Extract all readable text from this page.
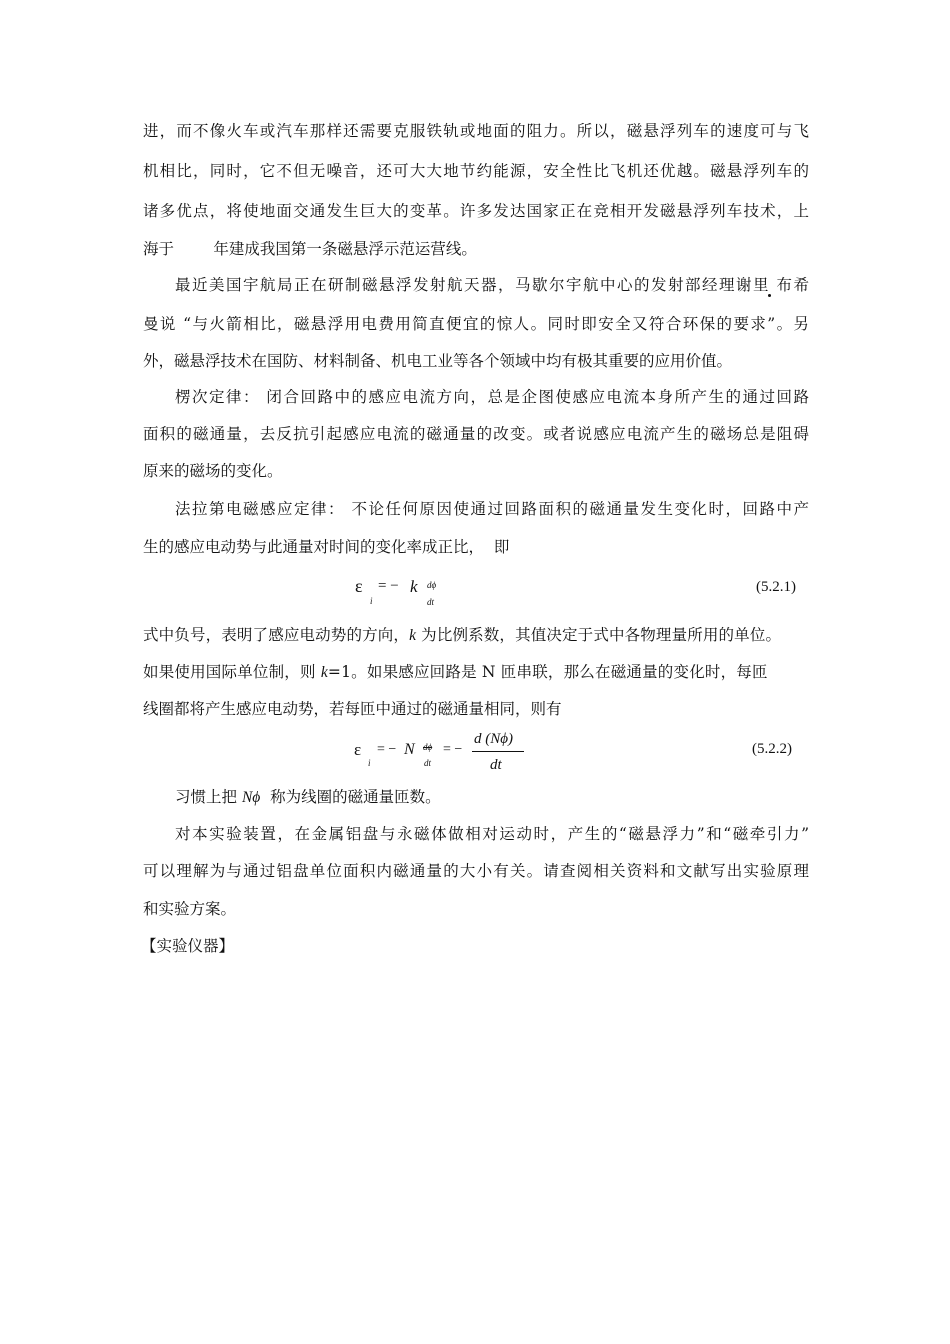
进，而不像火车或汽车那样还需要克服铁轨或地面的阻力。所以，磁悬浮列车的速度可与飞
机相比，同时，它不但无噪音，还可大大地节约能源，安全性比飞机还优越。磁悬浮列车的
诸多优点，将使地面交通发生巨大的变革。许多发达国家正在竞相开发磁悬浮列车技术，上
海于        年建成我国第一条磁悬浮示范运营线。
最近美国宇航局正在研制磁悬浮发射航天器，马歇尔宇航中心的发射部经理谢里 布希
曼说 “与火箭相比，磁悬浮用电费用简直便宜的惊人。同时即安全又符合环保的要求”。另
外，磁悬浮技术在国防、材料制备、机电工业等各个领域中均有极其重要的应用价值。
楞次定律： 闭合回路中的感应电流方向，总是企图使感应电流本身所产生的通过回路
面积的磁通量，去反抗引起感应电流的磁通量的改变。或者说感应电流产生的磁场总是阻碍
原来的磁场的变化。
法拉第电磁感应定律： 不论任何原因使通过回路面积的磁通量发生变化时，回路中产
生的感应电动势与此通量对时间的变化率成正比，  即
ε
i
= − k dϕ
dt
(5.2.1)
式中负号，表明了感应电动势的方向，k 为比例系数，其值决定于式中各物理量所用的单位。
如果使用国际单位制，则 k=1。如果感应回路是 N 匝串联，那么在磁通量的变化时，每匝
线圈都将产生感应电动势，若每匝中通过的磁通量相同，则有
ε
i
= − N dϕ
dt
= −
d (Nϕ)
dt
(5.2.2)
习惯上把 Nϕ  称为线圈的磁通量匝数。
对本实验装置，在金属铝盘与永磁体做相对运动时，产生的“磁悬浮力”和“磁牵引力”
可以理解为与通过铝盘单位面积内磁通量的大小有关。请查阅相关资料和文献写出实验原理
和实验方案。
【实验仪器】
